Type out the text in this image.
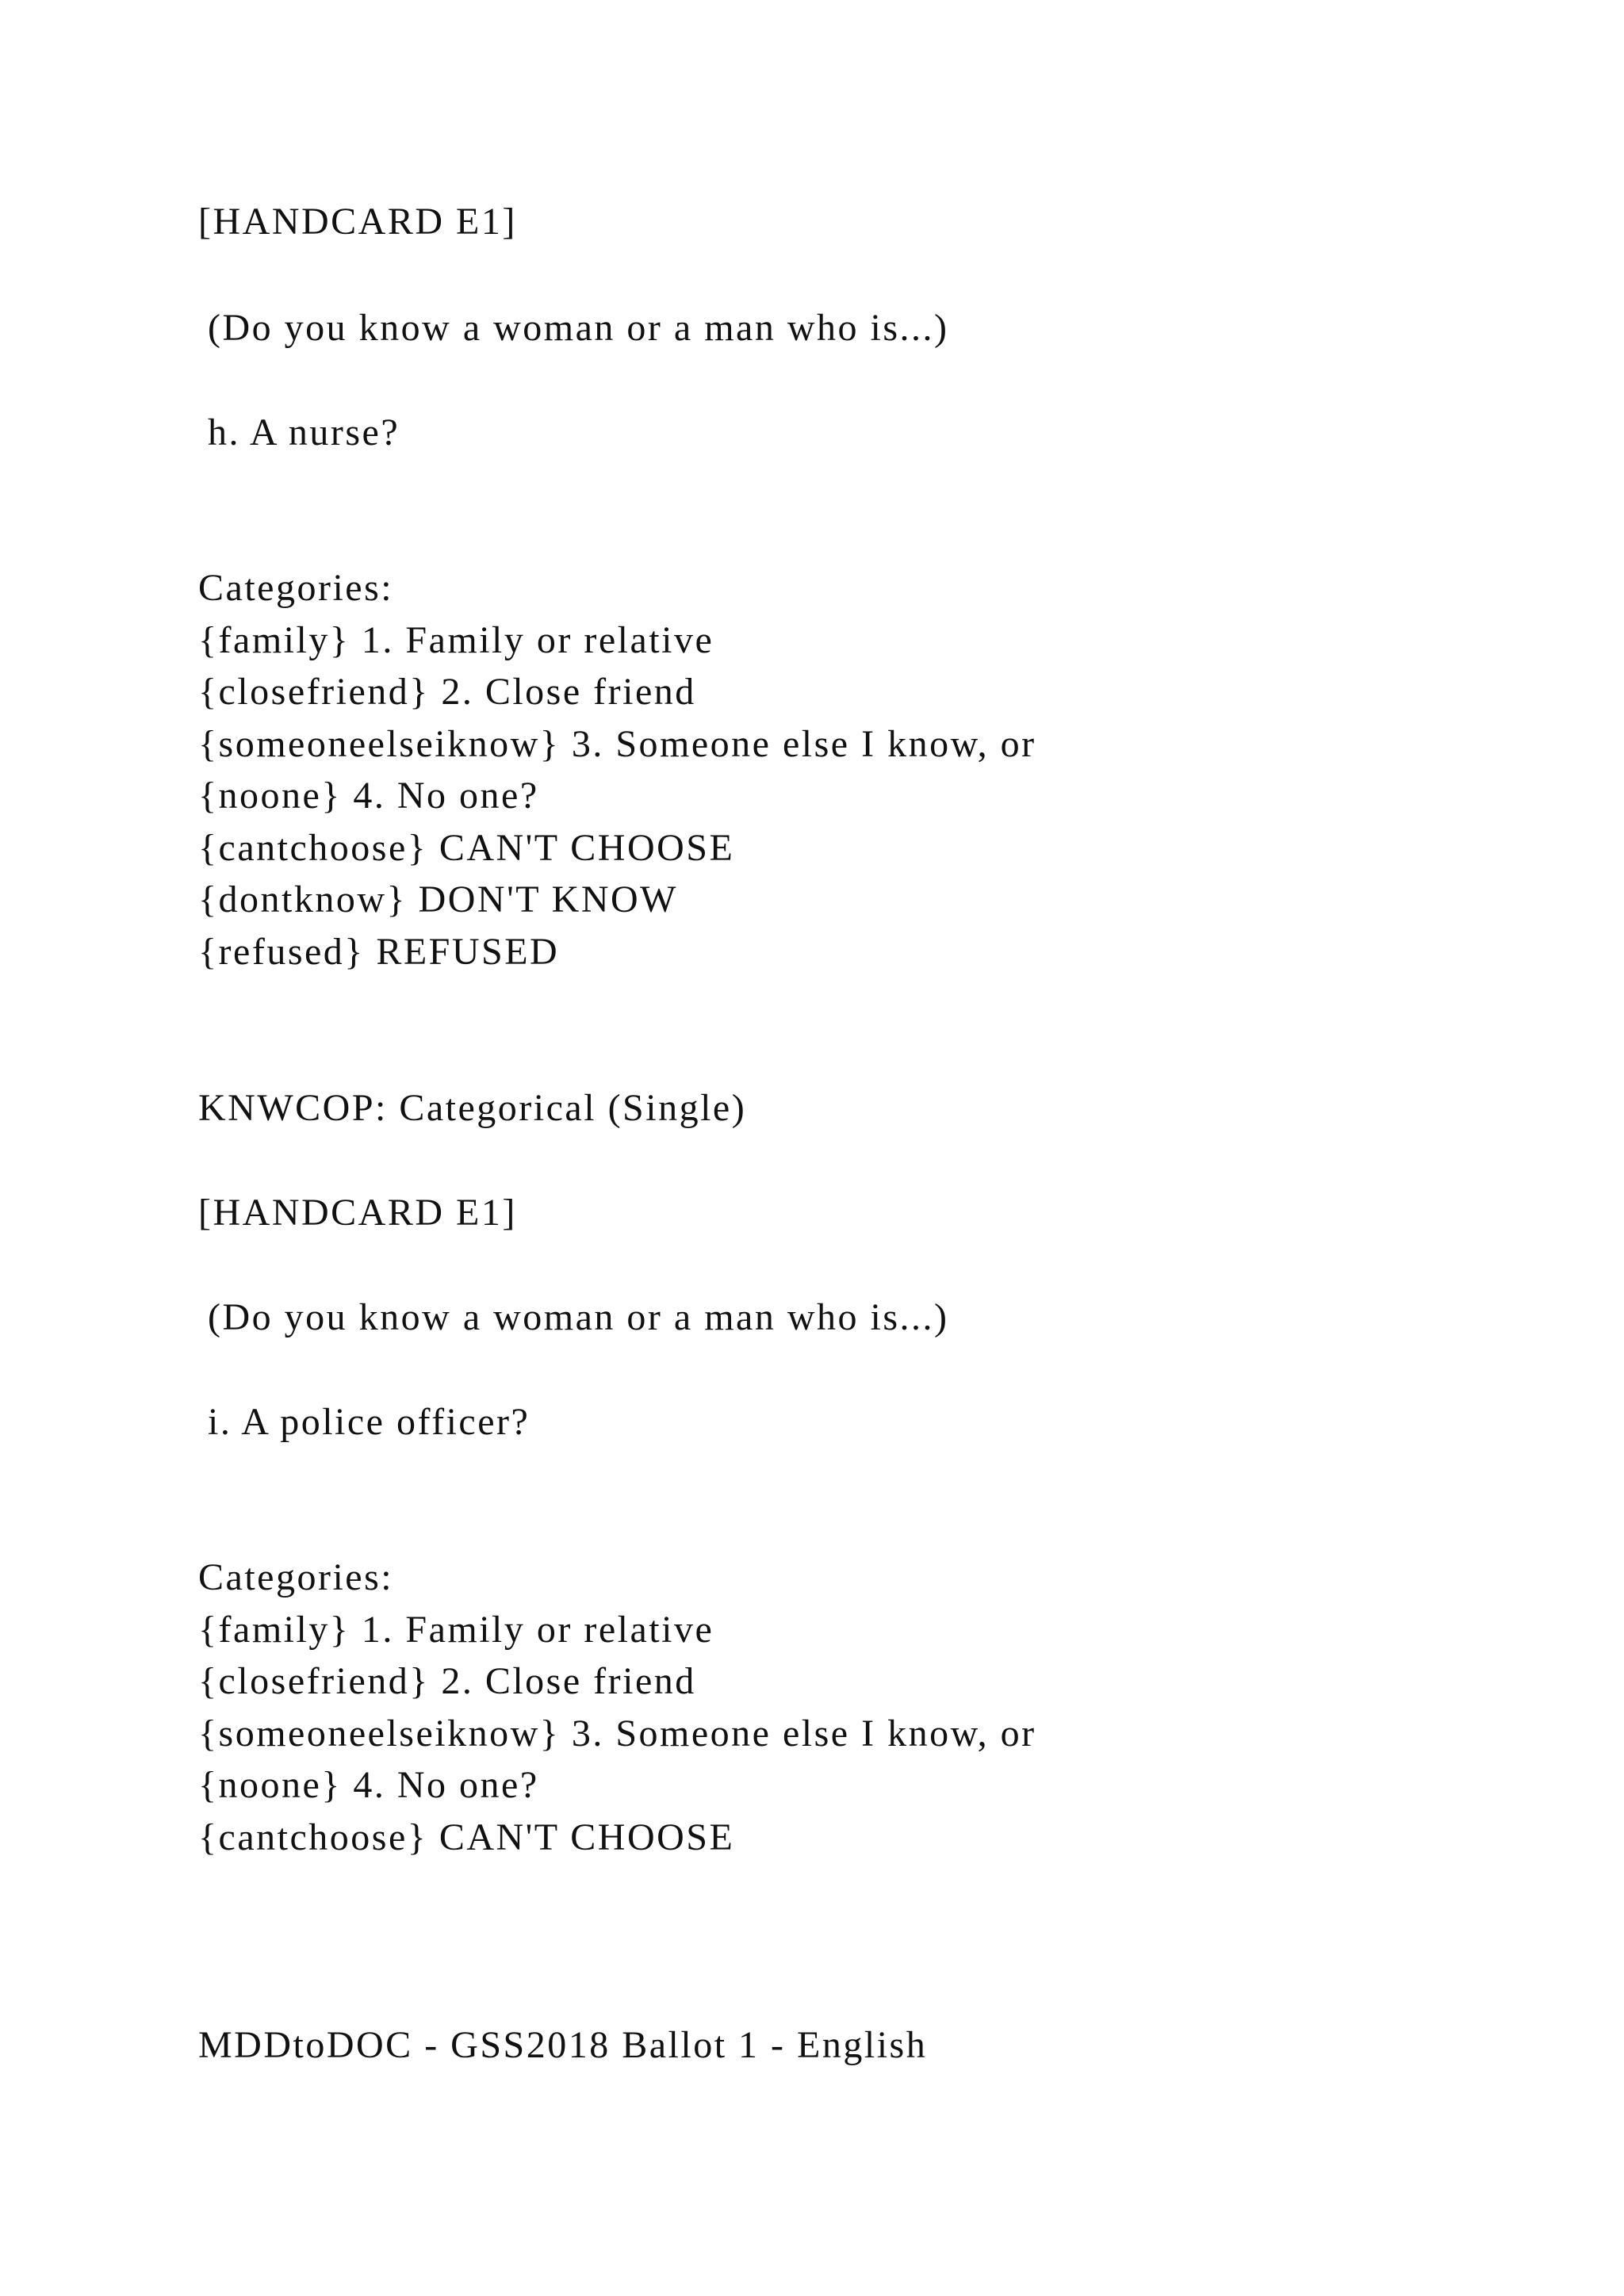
[HANDCARD E1]
(Do you know a woman or a man who is...)
h. A nurse?
Categories:
{family} 1. Family or relative
{closefriend} 2. Close friend
{someoneelseiknow} 3. Someone else I know, or
{noone} 4. No one?
{cantchoose} CAN'T CHOOSE
{dontknow} DON'T KNOW
{refused} REFUSED
KNWCOP: Categorical (Single)
[HANDCARD E1]
(Do you know a woman or a man who is...)
i. A police officer?
Categories:
{family} 1. Family or relative
{closefriend} 2. Close friend
{someoneelseiknow} 3. Someone else I know, or
{noone} 4. No one?
{cantchoose} CAN'T CHOOSE
MDDtoDOC - GSS2018 Ballot 1 - English
